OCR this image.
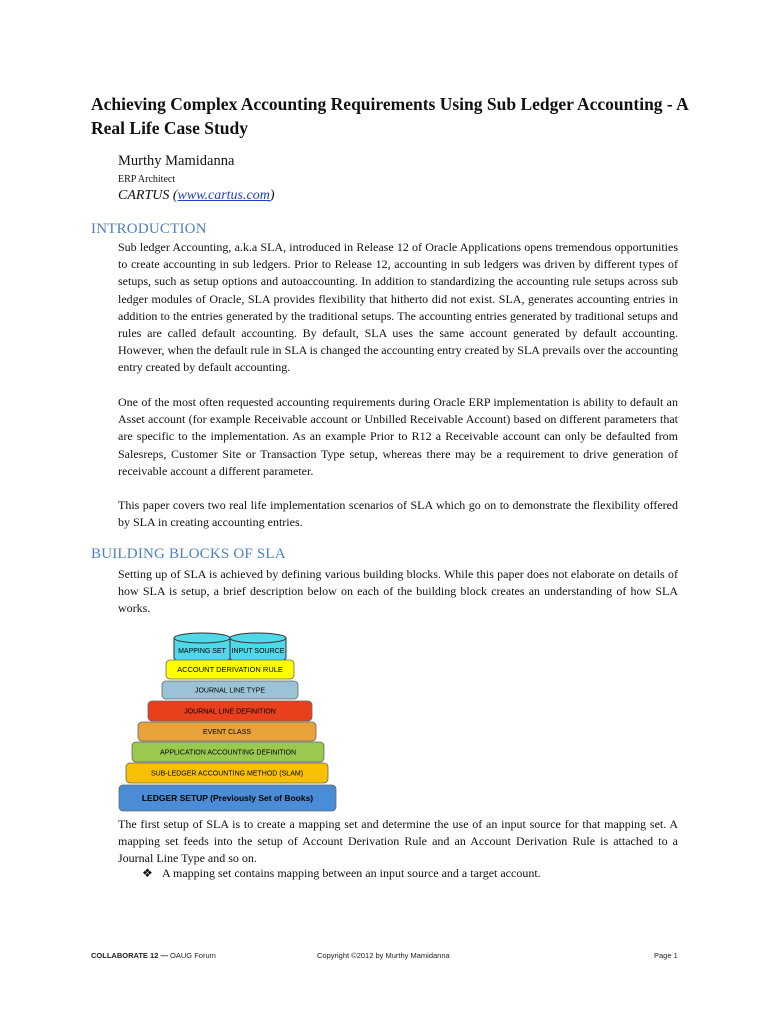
Achieving Complex Accounting Requirements Using Sub Ledger Accounting - A Real Life Case Study
Murthy Mamidanna
ERP Architect
CARTUS (www.cartus.com)
INTRODUCTION
Sub ledger Accounting, a.k.a SLA, introduced in Release 12 of Oracle Applications opens tremendous opportunities to create accounting in sub ledgers. Prior to Release 12, accounting in sub ledgers was driven by different types of setups, such as setup options and autoaccounting. In addition to standardizing the accounting rule setups across sub ledger modules of Oracle, SLA provides flexibility that hitherto did not exist. SLA, generates accounting entries in addition to the entries generated by the traditional setups. The accounting entries generated by traditional setups and rules are called default accounting. By default, SLA uses the same account generated by default accounting. However, when the default rule in SLA is changed the accounting entry created by SLA prevails over the accounting entry created by default accounting.
One of the most often requested accounting requirements during Oracle ERP implementation is ability to default an Asset account (for example Receivable account or Unbilled Receivable Account) based on different parameters that are specific to the implementation. As an example Prior to R12 a Receivable account can only be defaulted from Salesreps, Customer Site or Transaction Type setup, whereas there may be a requirement to drive generation of receivable account a different parameter.
This paper covers two real life implementation scenarios of SLA which go on to demonstrate the flexibility offered by SLA in creating accounting entries.
BUILDING BLOCKS OF SLA
Setting up of SLA is achieved by defining various building blocks. While this paper does not elaborate on details of how SLA is setup, a brief description below on each of the building block creates an understanding of how SLA works.
MAPPING SET INPUT SOURCE
ACCOUNT DERIVATION RULE
JOURNAL LINE TYPE
JOURNAL LINE DEFINITION
EVENT CLASS
APPLICATION ACCOUNTING DEFINITION
SUB-LEDGER ACCOUNTING METHOD (SLAM)
LEDGER SETUP (Previously Set of Books)
The first setup of SLA is to create a mapping set and determine the use of an input source for that mapping set. A mapping set feeds into the setup of Account Derivation Rule and an Account Derivation Rule is attached to a Journal Line Type and so on.
❖ A mapping set contains mapping between an input source and a target account.
COLLABORATE 12 — OAUG Forum	Copyright ©2012 by Murthy Mamidanna	Page 1
